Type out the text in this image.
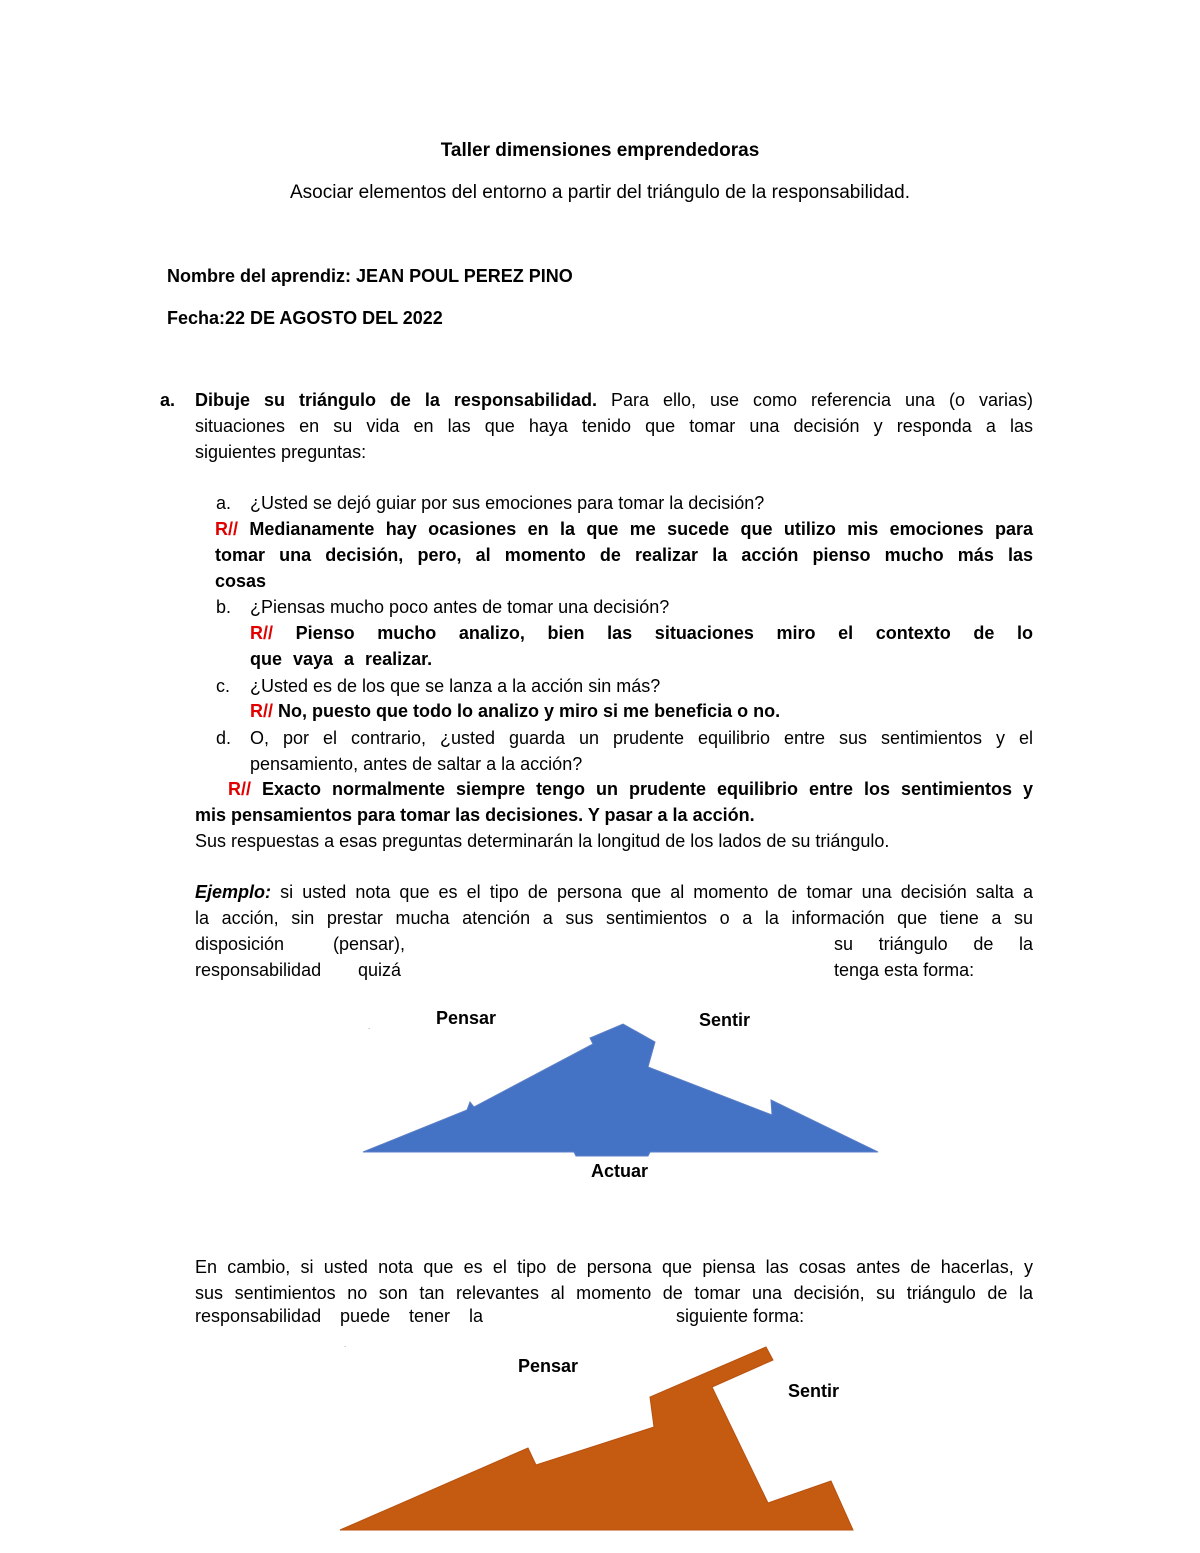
Taller dimensiones emprendedoras
Asociar elementos del entorno a partir del triángulo de la responsabilidad.
Nombre del aprendiz: JEAN POUL PEREZ PINO
Fecha:22 DE AGOSTO DEL 2022
a. Dibuje su triángulo de la responsabilidad. Para ello, use como referencia una (o varias)
situaciones en su vida en las que haya tenido que tomar una decisión y responda a las
siguientes preguntas:
a. ¿Usted se dejó guiar por sus emociones para tomar la decisión?
R// Medianamente hay ocasiones en la que me sucede que utilizo mis emociones para
tomar una decisión, pero, al momento de realizar la acción pienso mucho más las
cosas
b. ¿Piensas mucho poco antes de tomar una decisión?
R// Pienso mucho analizo, bien las situaciones miro el contexto de lo
que vaya a realizar.
c. ¿Usted es de los que se lanza a la acción sin más?
R// No, puesto que todo lo analizo y miro si me beneficia o no.
d. O, por el contrario, ¿usted guarda un prudente equilibrio entre sus sentimientos y el
pensamiento, antes de saltar a la acción?
R// Exacto normalmente siempre tengo un prudente equilibrio entre los sentimientos y
mis pensamientos para tomar las decisiones. Y pasar a la acción.
Sus respuestas a esas preguntas determinarán la longitud de los lados de su triángulo.
Ejemplo: si usted nota que es el tipo de persona que al momento de tomar una decisión salta a
la acción, sin prestar mucha atención a sus sentimientos o a la información que tiene a su
disposición (pensar),	su triángulo de la
responsabilidad quizá	tenga esta forma:
.	Pensar	Sentir
Actuar
En cambio, si usted nota que es el tipo de persona que piensa las cosas antes de hacerlas, y
sus sentimientos no son tan relevantes al momento de tomar una decisión, su triángulo de la
responsabilidad puede tener la	siguiente forma:
.
Pensar
Sentir
